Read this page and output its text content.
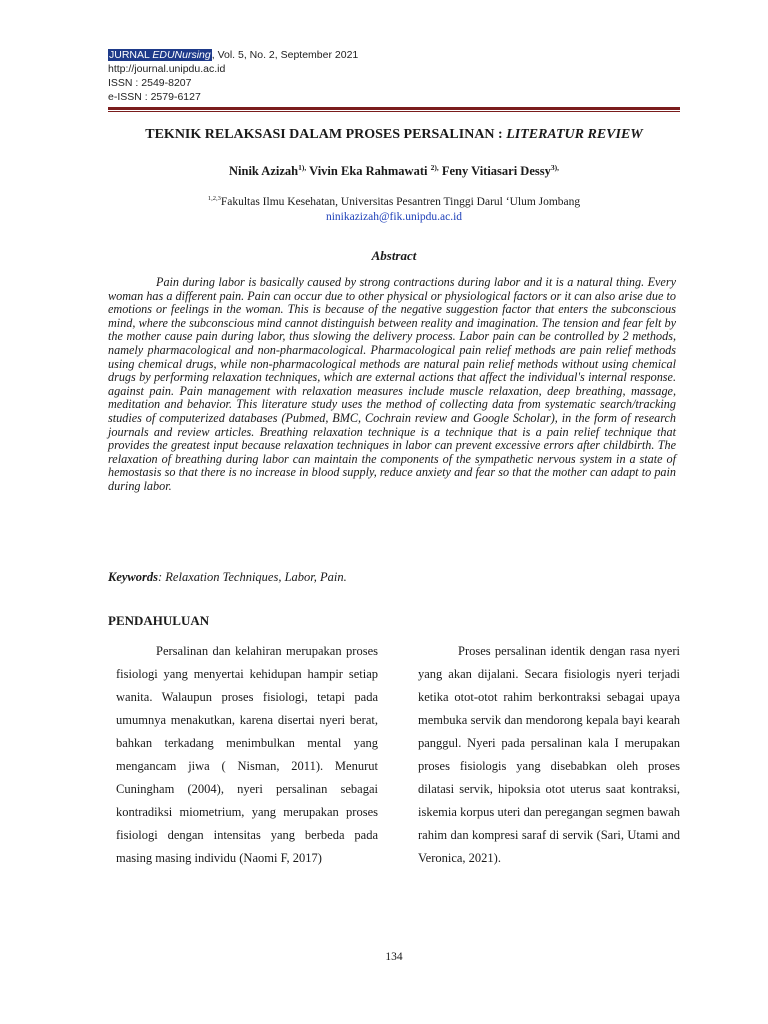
JURNAL EDUNursing, Vol. 5, No. 2, September 2021
http://journal.unipdu.ac.id
ISSN : 2549-8207
e-ISSN : 2579-6127
TEKNIK RELAKSASI DALAM PROSES PERSALINAN : LITERATUR REVIEW
Ninik Azizah$^{1),}$ Vivin Eka Rahmawati $^{2),}$ Feny Vitiasari Dessy$^{3),}$
$^{1,2,3}$Fakultas Ilmu Kesehatan, Universitas Pesantren Tinggi Darul ‘Ulum Jombang
ninikazizah@fik.unipdu.ac.id
Abstract

Pain during labor is basically caused by strong contractions during labor and it is a natural thing. Every woman has a different pain. Pain can occur due to other physical or physiological factors or it can also arise due to emotions or feelings in the woman. This is because of the negative suggestion factor that enters the subconscious mind, where the subconscious mind cannot distinguish between reality and imagination. The tension and fear felt by the mother cause pain during labor, thus slowing the delivery process. Labor pain can be controlled by 2 methods, namely pharmacological and non-pharmacological. Pharmacological pain relief methods are pain relief methods using chemical drugs, while non-pharmacological methods are natural pain relief methods without using chemical drugs by performing relaxation techniques, which are external actions that affect the individual's internal response. against pain. Pain management with relaxation measures include muscle relaxation, deep breathing, massage, meditation and behavior. This literature study uses the method of collecting data from systematic search/tracking studies of computerized databases (Pubmed, BMC, Cochrain review and Google Scholar), in the form of research journals and review articles. Breathing relaxation technique is a technique that is a pain relief technique that provides the greatest input because relaxation techniques in labor can prevent excessive errors after childbirth. The relaxation of breathing during labor can maintain the components of the sympathetic nervous system in a state of hemostasis so that there is no increase in blood supply, reduce anxiety and fear so that the mother can adapt to pain during labor.

Keywords: Relaxation Techniques, Labor, Pain.
PENDAHULUAN

Persalinan dan kelahiran merupakan proses fisiologi yang menyertai kehidupan hampir setiap wanita. Walaupun proses fisiologi, tetapi pada umumnya menakutkan, karena disertai nyeri berat, bahkan terkadang menimbulkan mental yang mengancam jiwa ( Nisman, 2011). Menurut Cuningham (2004), nyeri persalinan sebagai kontradiksi miometrium, yang merupakan proses fisiologi dengan intensitas yang berbeda pada masing masing individu (Naomi F, 2017)

Proses persalinan identik dengan rasa nyeri yang akan dijalani. Secara fisiologis nyeri terjadi ketika otot-otot rahim berkontraksi sebagai upaya membuka servik dan mendorong kepala bayi kearah panggul. Nyeri pada persalinan kala I merupakan proses fisiologis yang disebabkan oleh proses dilatasi servik, hipoksia otot uterus saat kontraksi, iskemia korpus uteri dan peregangan segmen bawah rahim dan kompresi saraf di servik (Sari, Utami and Veronica, 2021).

134
